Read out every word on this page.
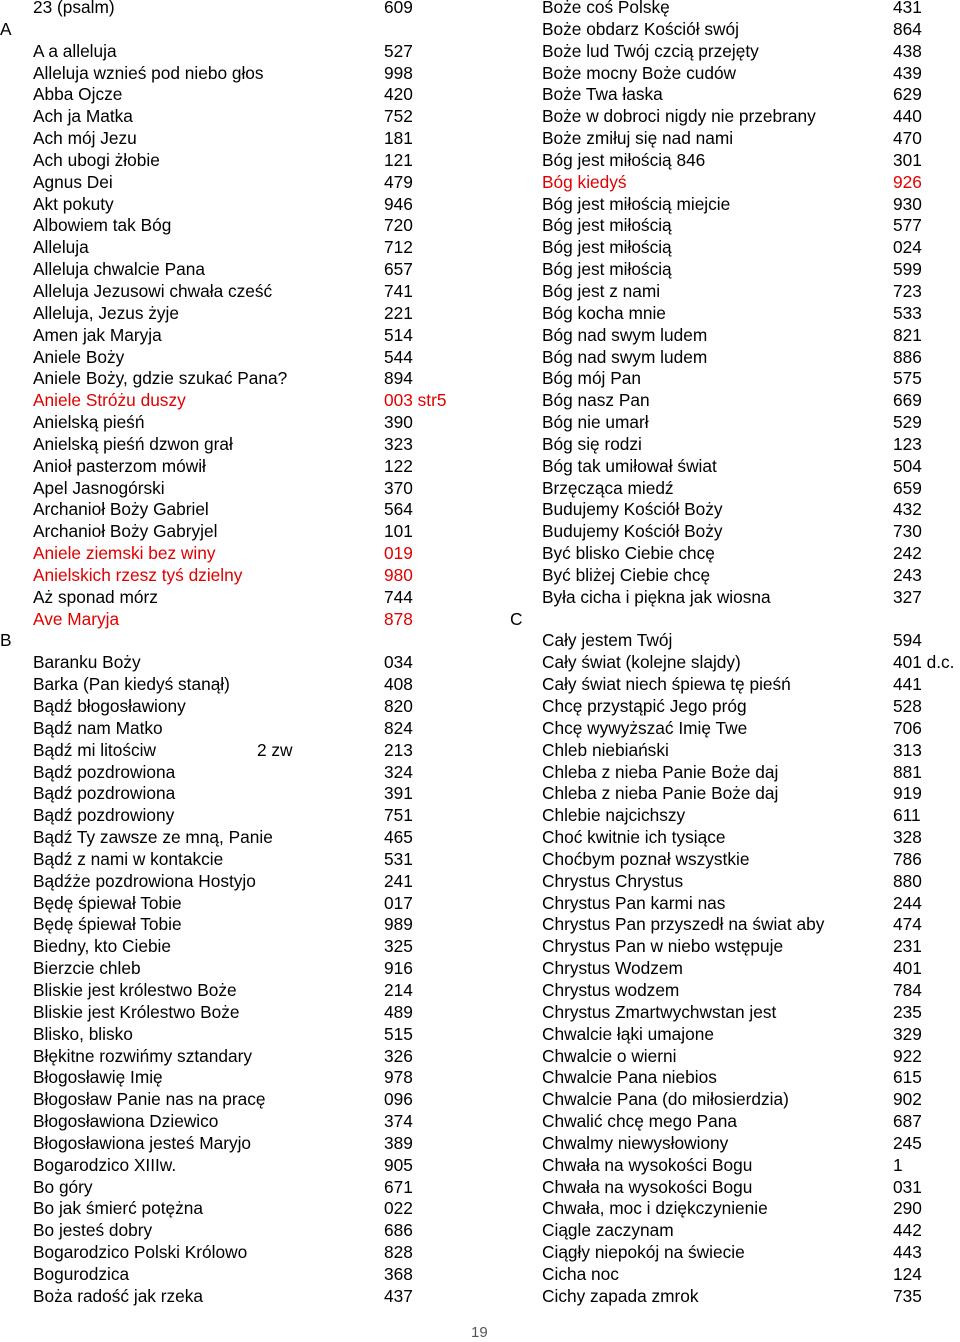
23 (psalm)	609
A
A a alleluja	527
Alleluja wznieś pod niebo głos	998
Abba Ojcze	420
Ach ja Matka	752
Ach mój Jezu	181
Ach ubogi żłobie	121
Agnus Dei	479
Akt pokuty	946
Albowiem tak Bóg	720
Alleluja	712
Alleluja chwalcie Pana	657
Alleluja Jezusowi chwała cześć	741
Alleluja, Jezus żyje	221
Amen jak Maryja	514
Aniele Boży	544
Aniele Boży, gdzie szukać Pana?	894
Aniele Stróżu duszy	003 str5
Anielską pieśń	390
Anielską pieśń dzwon grał	323
Anioł pasterzom mówił	122
Apel Jasnogórski	370
Archanioł Boży Gabriel	564
Archanioł Boży Gabryjel	101
Aniele ziemski bez winy	019
Anielskich rzesz tyś dzielny	980
Aż sponad mórz	744
Ave Maryja	878
B
Baranku Boży	034
Barka (Pan kiedyś stanął)	408
Bądź błogosławiony	820
Bądź nam Matko	824
Bądź mi litościw	2 zw	213
Bądź pozdrowiona	324
Bądź pozdrowiona	391
Bądź pozdrowiony	751
Bądź Ty zawsze ze mną, Panie	465
Bądź z nami w kontakcie	531
Bądźże pozdrowiona Hostyjo	241
Będę śpiewał Tobie	017
Będę śpiewał Tobie	989
Biedny, kto Ciebie	325
Bierzcie chleb	916
Bliskie jest królestwo Boże	214
Bliskie jest Królestwo Boże	489
Blisko, blisko	515
Błękitne rozwińmy sztandary	326
Błogosławię Imię	978
Błogosław Panie nas na pracę	096
Błogosławiona Dziewico	374
Błogosławiona jesteś Maryjo	389
Bogarodzico XIIIw.	905
Bo góry	671
Bo jak śmierć potężna	022
Bo jesteś dobry	686
Bogarodzico Polski Królowo	828
Bogurodzica	368
Boża radość jak rzeka	437
Boże coś Polskę	431
Boże obdarz Kościół swój	864
Boże lud Twój czcią przejęty	438
Boże mocny Boże cudów	439
Boże Twa łaska	629
Boże w dobroci nigdy nie przebrany	440
Boże zmiłuj się nad nami	470
Bóg jest miłością 846	301
Bóg kiedyś	926
Bóg jest miłością miejcie	930
Bóg jest miłością	577
Bóg jest miłością	024
Bóg jest miłością	599
Bóg jest z nami	723
Bóg kocha mnie	533
Bóg nad swym ludem	821
Bóg nad swym ludem	886
Bóg mój Pan	575
Bóg nasz Pan	669
Bóg nie umarł	529
Bóg się rodzi	123
Bóg tak umiłował świat	504
Brzęcząca miedź	659
Budujemy Kościół Boży	432
Budujemy Kościół Boży	730
Być blisko Ciebie chcę	242
Być bliżej Ciebie chcę	243
Była cicha i piękna jak wiosna	327
C
Cały jestem Twój	594
Cały świat (kolejne slajdy)	401 d.c.
Cały świat niech śpiewa tę pieśń	441
Chcę przystąpić Jego próg	528
Chcę wywyższać Imię Twe	706
Chleb niebiański	313
Chleba z nieba Panie Boże daj	881
Chleba z nieba Panie Boże daj	919
Chlebie najcichszy	611
Choć kwitnie ich tysiące	328
Choćbym poznał wszystkie	786
Chrystus Chrystus	880
Chrystus Pan karmi nas	244
Chrystus Pan przyszedł na świat aby	474
Chrystus Pan w niebo wstępuje	231
Chrystus Wodzem	401
Chrystus wodzem	784
Chrystus Zmartwychwstan jest	235
Chwalcie łąki umajone	329
Chwalcie o wierni	922
Chwalcie Pana niebios	615
Chwalcie Pana (do miłosierdzia)	902
Chwalić chcę mego Pana	687
Chwalmy niewysłowiony	245
Chwała na wysokości Bogu	1
Chwała na wysokości Bogu	031
Chwała, moc i dziękczynienie	290
Ciągle zaczynam	442
Ciągły niepokój na świecie	443
Cicha noc	124
Cichy zapada zmrok	735
19
